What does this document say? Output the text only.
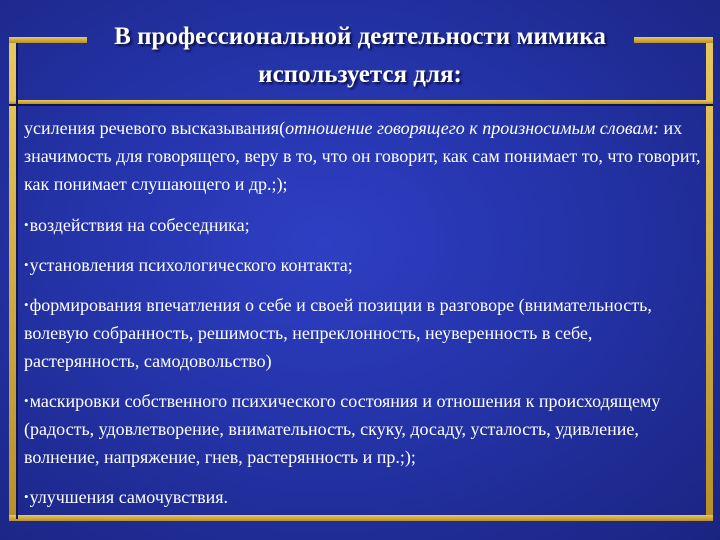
В профессиональной деятельности мимика используется для:

усиления речевого высказывания(отношение говорящего к произносимым словам: их значимость для говорящего, веру в то, что он говорит, как сам понимает то, что говорит, как понимает слушающего и др.;);

•воздействия на собеседника;

•установления психологического контакта;

•формирования впечатления о себе и своей позиции в разговоре (внимательность, волевую собранность, решимость, непреклонность, неуверенность в себе, растерянность, самодовольство)

•маскировки собственного психического состояния и отношения к происходящему (радость, удовлетворение, внимательность, скуку, досаду, усталость, удивление, волнение, напряжение, гнев, растерянность и пр.;);

•улучшения самочувствия.
